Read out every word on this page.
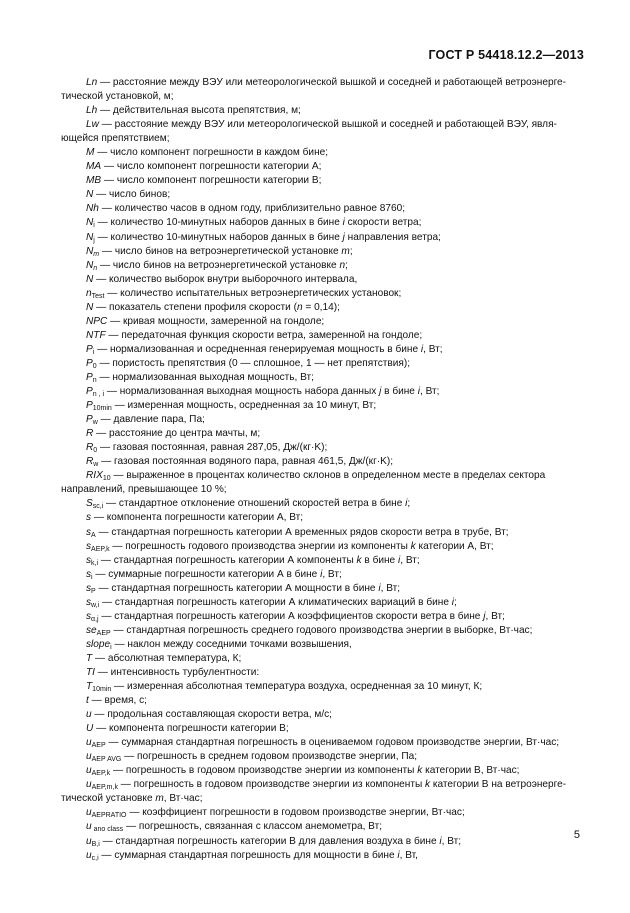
ГОСТ Р 54418.12.2—2013
Ln — расстояние между ВЭУ или метеорологической вышкой и соседней и работающей ветроэнерге-
тической установкой, м;
Lh — действительная высота препятствия, м;
Lw — расстояние между ВЭУ или метеорологической вышкой и соседней и работающей ВЭУ, явля-
ющейся препятствием;
M — число компонент погрешности в каждом бине;
MA — число компонент погрешности категории А;
MB — число компонент погрешности категории В;
N — число бинов;
Nh — количество часов в одном году, приблизительно равное 8760;
$N_i$ — количество 10-минутных наборов данных в бине i скорости ветра;
$N_j$ — количество 10-минутных наборов данных в бине j направления ветра;
$N_m$ — число бинов на ветроэнергетической установке m;
$N_n$ — число бинов на ветроэнергетической установке n;
N — количество выборок внутри выборочного интервала,
$n_{Test}$ — количество испытательных ветроэнергетических установок;
N — показатель степени профиля скорости (n = 0,14);
NPC — кривая мощности, замеренной на гондоле;
NTF — передаточная функция скорости ветра, замеренной на гондоле;
$P_i$ — нормализованная и осредненная генерируемая мощность в бине i, Вт;
$P_0$ — пористость препятствия (0 — сплошное, 1 — нет препятствия);
$P_n$ — нормализованная выходная мощность, Вт;
$P_{n , i}$ — нормализованная выходная мощность набора данных j в бине i, Вт;
$P_{10min}$ — измеренная мощность, осредненная за 10 минут, Вт;
$P_w$ — давление пара, Па;
R — расстояние до центра мачты, м;
$R_0$ — газовая постоянная, равная 287,05, Дж/(кг·K);
$R_w$ — газовая постоянная водяного пара, равная 461,5, Дж/(кг·K);
$RIX_{10}$ — выраженное в процентах количество склонов в определенном месте в пределах сектора
направлений, превышающее 10 %;
$S_{sc,i}$ — стандартное отклонение отношений скоростей ветра в бине i;
s — компонента погрешности категории А, Вт;
$s_A$ — стандартная погрешность категории А временных рядов скорости ветра в трубе, Вт;
$s_{AEP,k}$ — погрешность годового производства энергии из компоненты k категории А, Вт;
$s_{k,i}$ — стандартная погрешность категории А компоненты k в бине i, Вт;
$s_i$ — суммарные погрешности категории А в бине i, Вт;
$s_P$ — стандартная погрешность категории А мощности в бине i, Вт;
$s_{w,i}$ — стандартная погрешность категории А климатических вариаций в бине i;
$s_{\alpha,j}$ — стандартная погрешность категории А коэффициентов скорости ветра в бине j, Вт;
$se_{AEP}$ — стандартная погрешность среднего годового производства энергии в выборке, Вт·час;
slope$_i$ — наклон между соседними точками возвышения,
T — абсолютная температура, К;
TI — интенсивность турбулентности:
$T_{10min}$ — измеренная абсолютная температура воздуха, осредненная за 10 минут, К;
t — время, с;
u — продольная составляющая скорости ветра, м/с;
U — компонента погрешности категории В;
$u_{AEP}$ — суммарная стандартная погрешность в оцениваемом годовом производстве энергии, Вт·час;
$u_{AEP AVG}$ — погрешность в среднем годовом производстве энергии, Па;
$u_{AEP,k}$ — погрешность в годовом производстве энергии из компоненты k категории В, Вт·час;
$u_{AEP,m,k}$ — погрешность в годовом производстве энергии из компоненты k категории В на ветроэнерге-
тической установке m, Вт·час;
$u_{AEPRATIO}$ — коэффициент погрешности в годовом производстве энергии, Вт·час;
u $_{ano class}$ — погрешность, связанная с классом анемометра, Вт;
$u_{B,i}$ — стандартная погрешность категории В для давления воздуха в бине i, Вт;
$u_{c,i}$ — суммарная стандартная погрешность для мощности в бине i, Вт,
5
